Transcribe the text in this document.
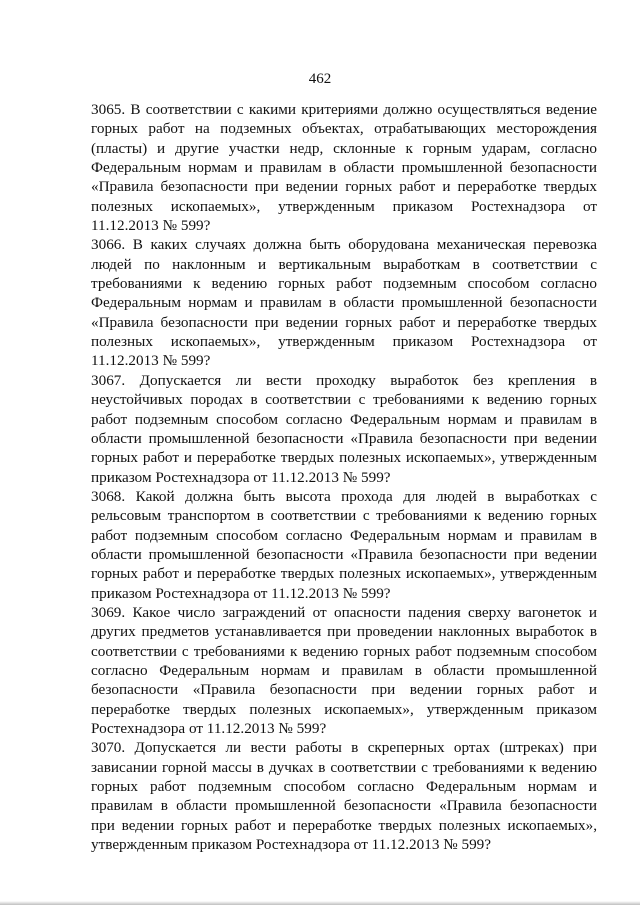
462

3065. В соответствии с какими критериями должно осуществляться ведение горных работ на подземных объектах, отрабатывающих месторождения (пласты) и другие участки недр, склонные к горным ударам, согласно Федеральным нормам и правилам в области промышленной безопасности «Правила безопасности при ведении горных работ и переработке твердых полезных ископаемых», утвержденным приказом Ростехнадзора от 11.12.2013 № 599?

3066. В каких случаях должна быть оборудована механическая перевозка людей по наклонным и вертикальным выработкам в соответствии с требованиями к ведению горных работ подземным способом согласно Федеральным нормам и правилам в области промышленной безопасности «Правила безопасности при ведении горных работ и переработке твердых полезных ископаемых», утвержденным приказом Ростехнадзора от 11.12.2013 № 599?

3067. Допускается ли вести проходку выработок без крепления в неустойчивых породах в соответствии с требованиями к ведению горных работ подземным способом согласно Федеральным нормам и правилам в области промышленной безопасности «Правила безопасности при ведении горных работ и переработке твердых полезных ископаемых», утвержденным приказом Ростехнадзора от 11.12.2013 № 599?

3068. Какой должна быть высота прохода для людей в выработках с рельсовым транспортом в соответствии с требованиями к ведению горных работ подземным способом согласно Федеральным нормам и правилам в области промышленной безопасности «Правила безопасности при ведении горных работ и переработке твердых полезных ископаемых», утвержденным приказом Ростехнадзора от 11.12.2013 № 599?

3069. Какое число заграждений от опасности падения сверху вагонеток и других предметов устанавливается при проведении наклонных выработок в соответствии с требованиями к ведению горных работ подземным способом согласно Федеральным нормам и правилам в области промышленной безопасности «Правила безопасности при ведении горных работ и переработке твердых полезных ископаемых», утвержденным приказом Ростехнадзора от 11.12.2013 № 599?

3070. Допускается ли вести работы в скреперных ортах (штреках) при зависании горной массы в дучках в соответствии с требованиями к ведению горных работ подземным способом согласно Федеральным нормам и правилам в области промышленной безопасности «Правила безопасности при ведении горных работ и переработке твердых полезных ископаемых», утвержденным приказом Ростехнадзора от 11.12.2013 № 599?
